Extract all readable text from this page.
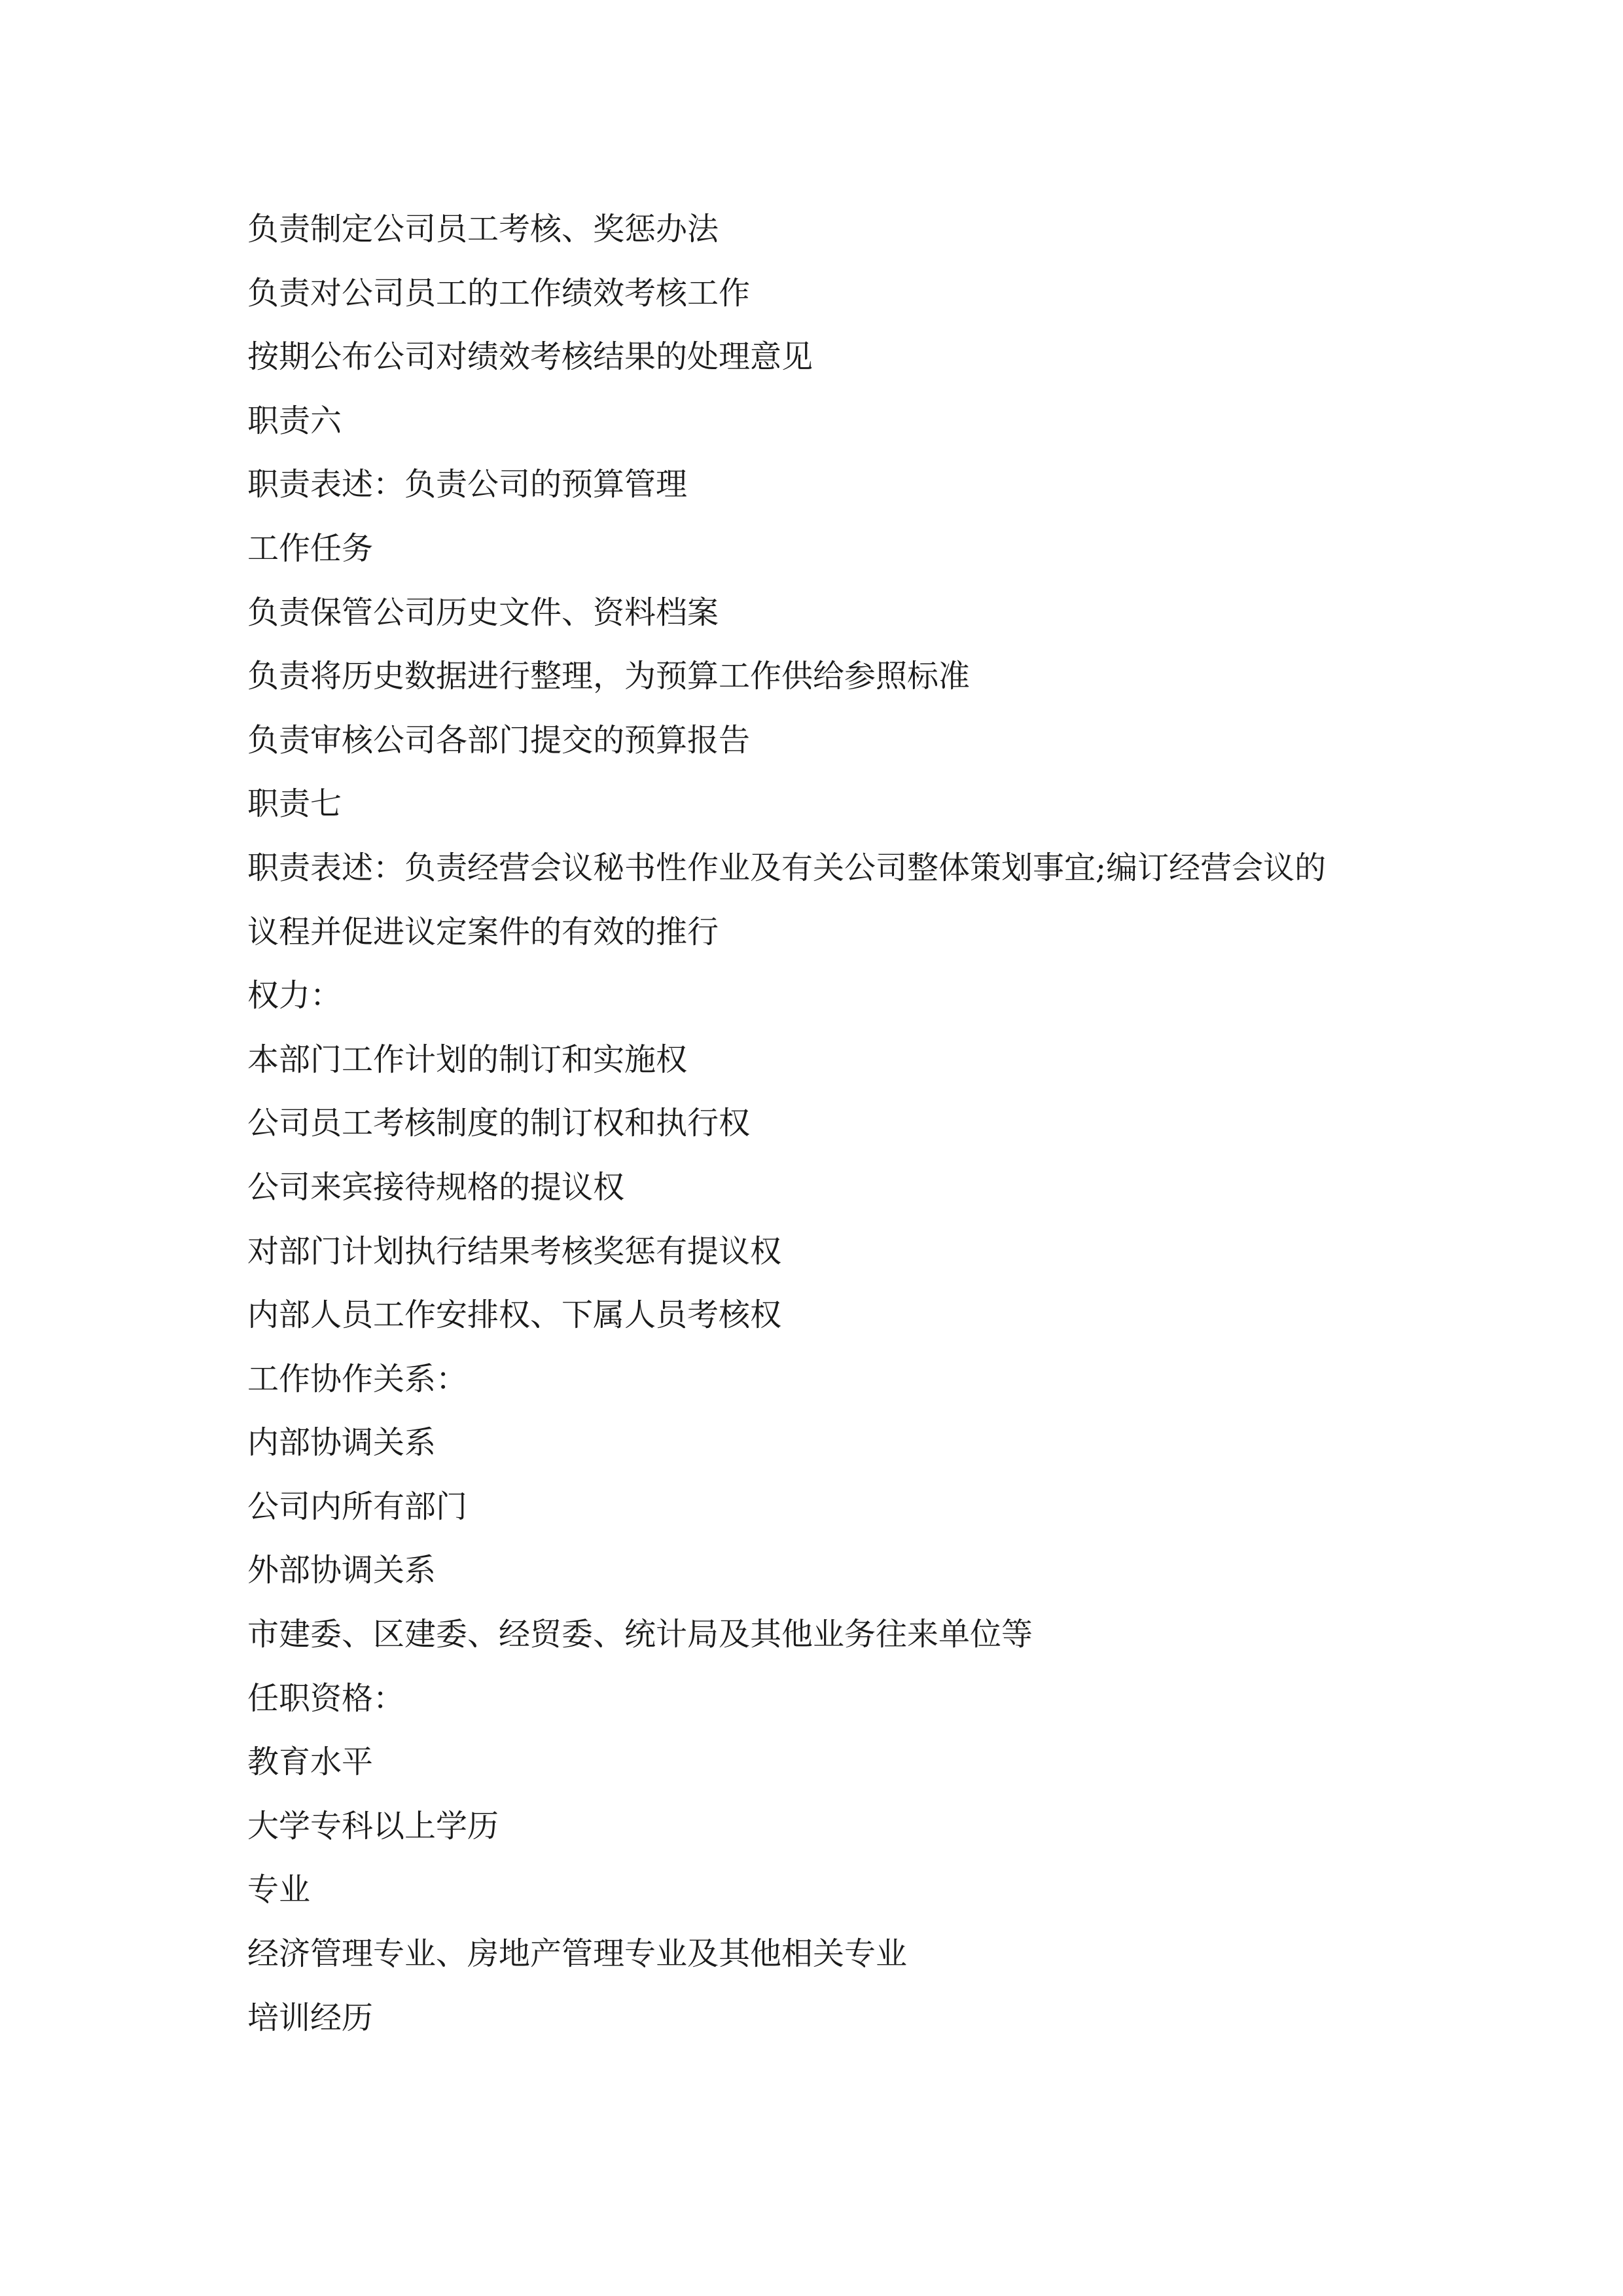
负责制定公司员工考核、奖惩办法
负责对公司员工的工作绩效考核工作
按期公布公司对绩效考核结果的处理意见
职责六
职责表述：负责公司的预算管理
工作任务
负责保管公司历史文件、资料档案
负责将历史数据进行整理，为预算工作供给参照标准
负责审核公司各部门提交的预算报告
职责七
职责表述：负责经营会议秘书性作业及有关公司整体策划事宜;编订经营会议的
议程并促进议定案件的有效的推行
权力：
本部门工作计划的制订和实施权
公司员工考核制度的制订权和执行权
公司来宾接待规格的提议权
对部门计划执行结果考核奖惩有提议权
内部人员工作安排权、下属人员考核权
工作协作关系：
内部协调关系
公司内所有部门
外部协调关系
市建委、区建委、经贸委、统计局及其他业务往来单位等
任职资格：
教育水平
大学专科以上学历
专业
经济管理专业、房地产管理专业及其他相关专业
培训经历
